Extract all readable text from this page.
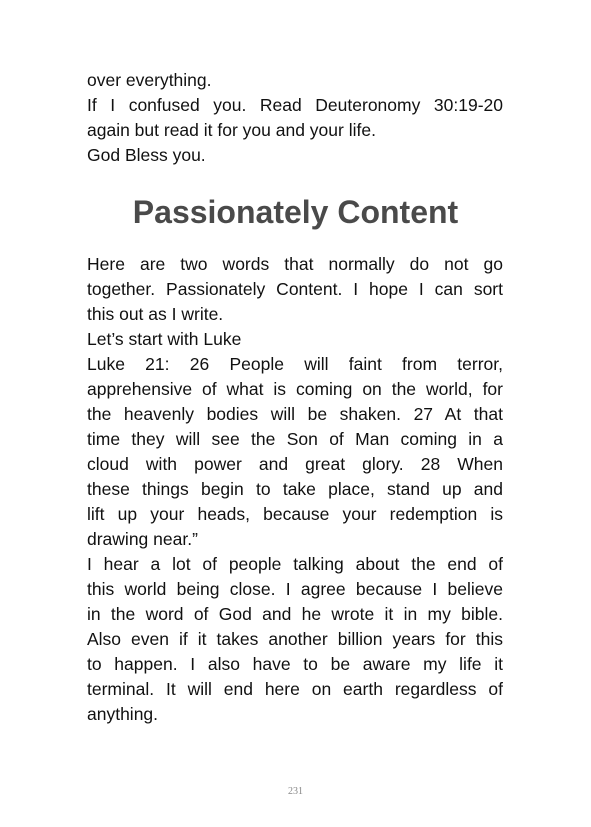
over everything.
If I confused you. Read Deuteronomy 30:19-20
again but read it for you and your life.
God Bless you.
Passionately Content
Here are two words that normally do not go
together. Passionately Content. I hope I can sort
this out as I write.
Let’s start with Luke
Luke 21: 26 People will faint from terror,
apprehensive of what is coming on the world, for
the heavenly bodies will be shaken. 27 At that
time they will see the Son of Man coming in a
cloud with power and great glory. 28 When
these things begin to take place, stand up and
lift up your heads, because your redemption is
drawing near.”
I hear a lot of people talking about the end of
this world being close. I agree because I believe
in the word of God and he wrote it in my bible.
Also even if it takes another billion years for this
to happen. I also have to be aware my life it
terminal. It will end here on earth regardless of
anything.
231
